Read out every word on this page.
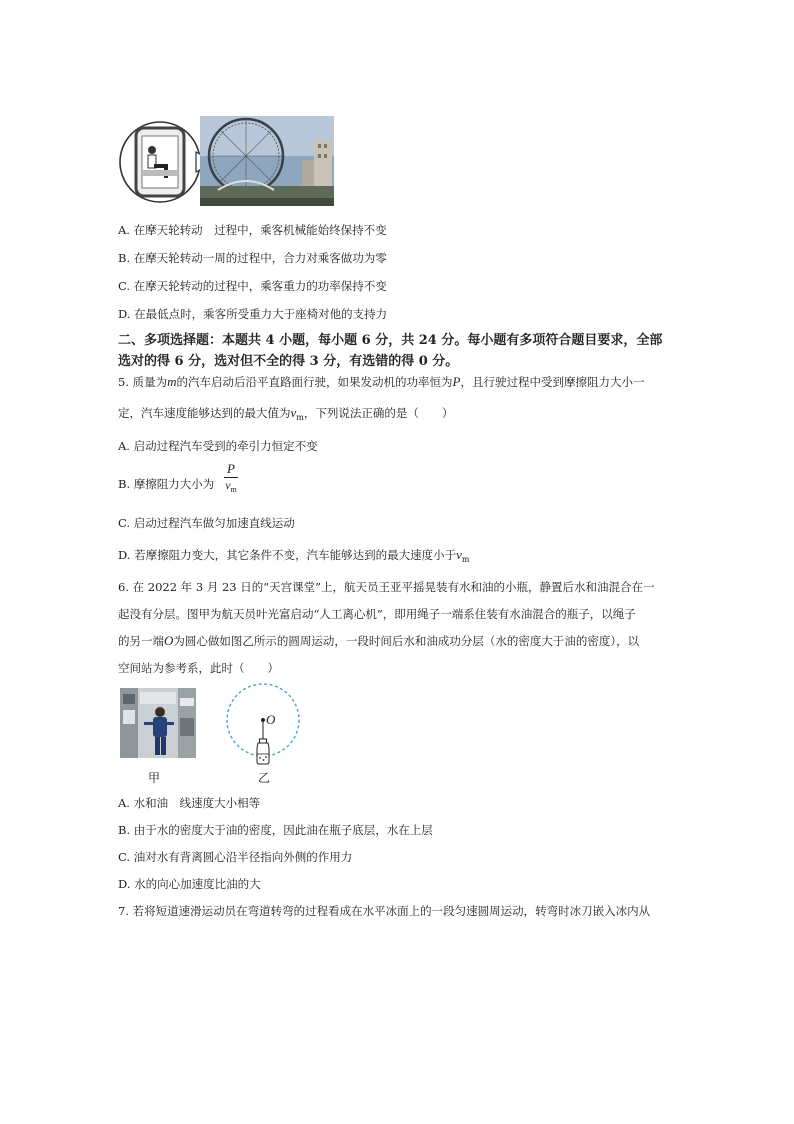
A. 在摩天轮转动　过程中，乘客机械能始终保持不变
B. 在摩天轮转动一周的过程中，合力对乘客做功为零
C. 在摩天轮转动的过程中，乘客重力的功率保持不变
D. 在最低点时，乘客所受重力大于座椅对他的支持力
二、多项选择题：本题共 4 小题，每小题 6 分，共 24 分。每小题有多项符合题目要求，全部
选对的得 6 分，选对但不全的得 3 分，有选错的得 0 分。
5. 质量为m的汽车启动后沿平直路面行驶，如果发动机的功率恒为P，且行驶过程中受到摩擦阻力大小一
定，汽车速度能够达到的最大值为$v_m$，下列说法正确的是（　　）
A. 启动过程汽车受到的牵引力恒定不变
B. 摩擦阻力大小为 $\frac{P}{v_m}$
C. 启动过程汽车做匀加速直线运动
D. 若摩擦阻力变大，其它条件不变，汽车能够达到的最大速度小于$v_m$
6. 在 2022 年 3 月 23 日的“天宫课堂”上，航天员王亚平摇晃装有水和油的小瓶，静置后水和油混合在一
起没有分层。图甲为航天员叶光富启动“人工离心机”，即用绳子一端系住装有水油混合的瓶子，以绳子
的另一端O为圆心做如图乙所示的圆周运动，一段时间后水和油成功分层（水的密度大于油的密度），以
空间站为参考系，此时（　　）
O
甲	乙
A. 水和油　线速度大小相等
B. 由于水的密度大于油的密度，因此油在瓶子底层，水在上层
C. 油对水有背离圆心沿半径指向外侧的作用力
D. 水的向心加速度比油的大
7. 若将短道速滑运动员在弯道转弯的过程看成在水平冰面上的一段匀速圆周运动，转弯时冰刀嵌入冰内从
